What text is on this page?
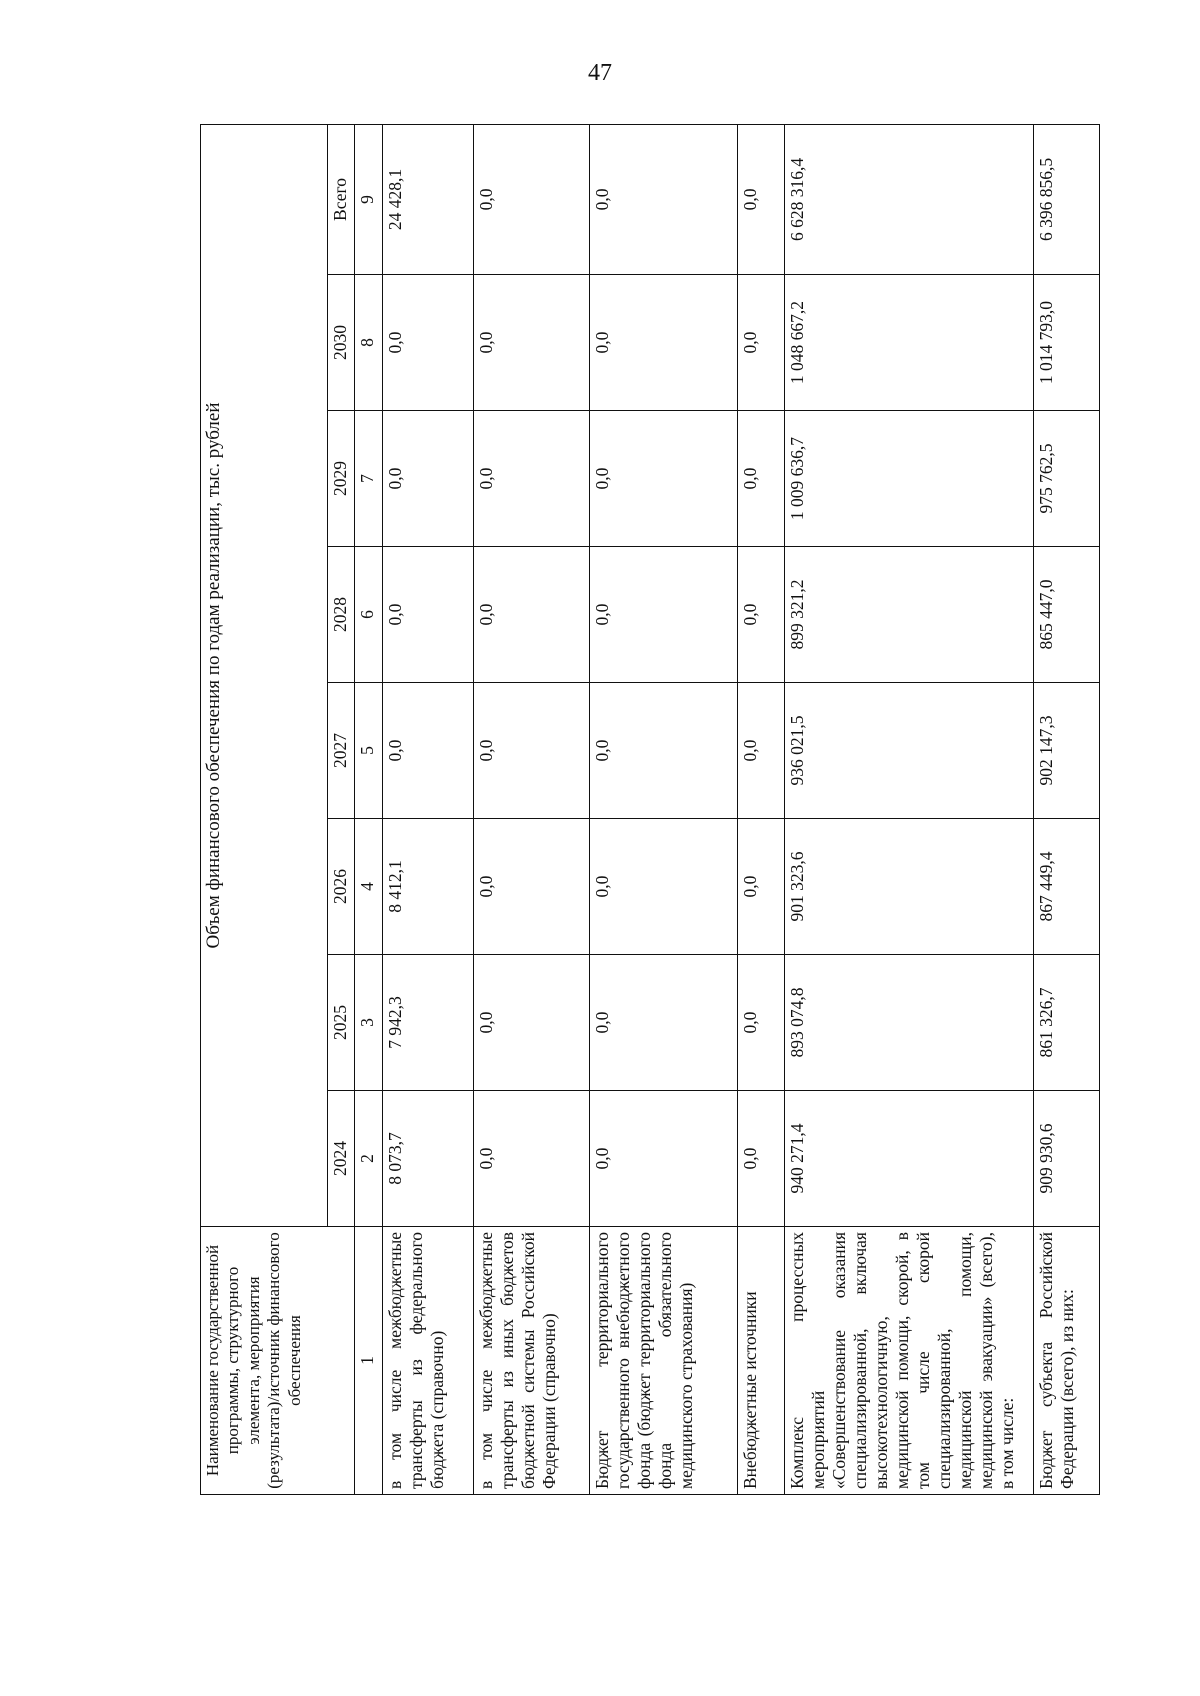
47
Наименование государственной программы, структурного элемента, мероприятия (результата)/источник финансового обеспечения	Объем финансового обеспечения по годам реализации, тыс. рублей							
	2024	2025	2026	2027	2028	2029	2030	Всего
1	2	3	4	5	6	7	8	9
в том числе межбюджетные трансферты из федерального бюджета (справочно)	8 073,7	7 942,3	8 412,1	0,0	0,0	0,0	0,0	24 428,1
в том числе межбюджетные трансферты из иных бюджетов бюджетной системы Российской Федерации (справочно)	0,0	0,0	0,0	0,0	0,0	0,0	0,0	0,0
Бюджет территориального государственного внебюджетного фонда (бюджет территориального фонда обязательного медицинского страхования)	0,0	0,0	0,0	0,0	0,0	0,0	0,0	0,0
Внебюджетные источники	0,0	0,0	0,0	0,0	0,0	0,0	0,0	0,0
Комплекс процессных мероприятий «Совершенствование оказания специализированной, включая высокотехнологичную, медицинской помощи, скорой, в том числе скорой специализированной, медицинской помощи, медицинской эвакуации» (всего), в том числе:	940 271,4	893 074,8	901 323,6	936 021,5	899 321,2	1 009 636,7	1 048 667,2	6 628 316,4
Бюджет субъекта Российской Федерации (всего), из них:	909 930,6	861 326,7	867 449,4	902 147,3	865 447,0	975 762,5	1 014 793,0	6 396 856,5
